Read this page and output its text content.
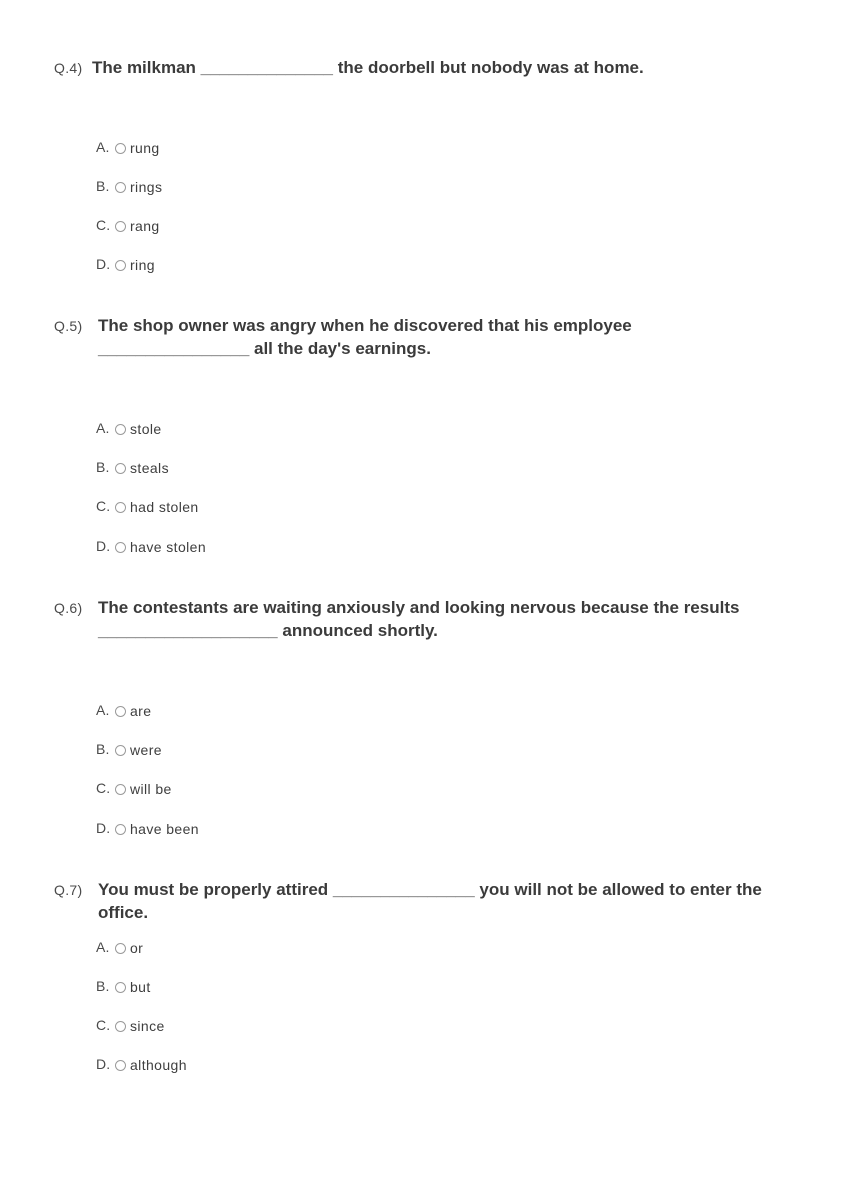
Q.4) The milkman ______________ the doorbell but nobody was at home.
A. rung
B. rings
C. rang
D. ring
Q.5) The shop owner was angry when he discovered that his employee ________________ all the day's earnings.
A. stole
B. steals
C. had stolen
D. have stolen
Q.6) The contestants are waiting anxiously and looking nervous because the results ___________________ announced shortly.
A. are
B. were
C. will be
D. have been
Q.7) You must be properly attired _______________ you will not be allowed to enter the office.
A. or
B. but
C. since
D. although
